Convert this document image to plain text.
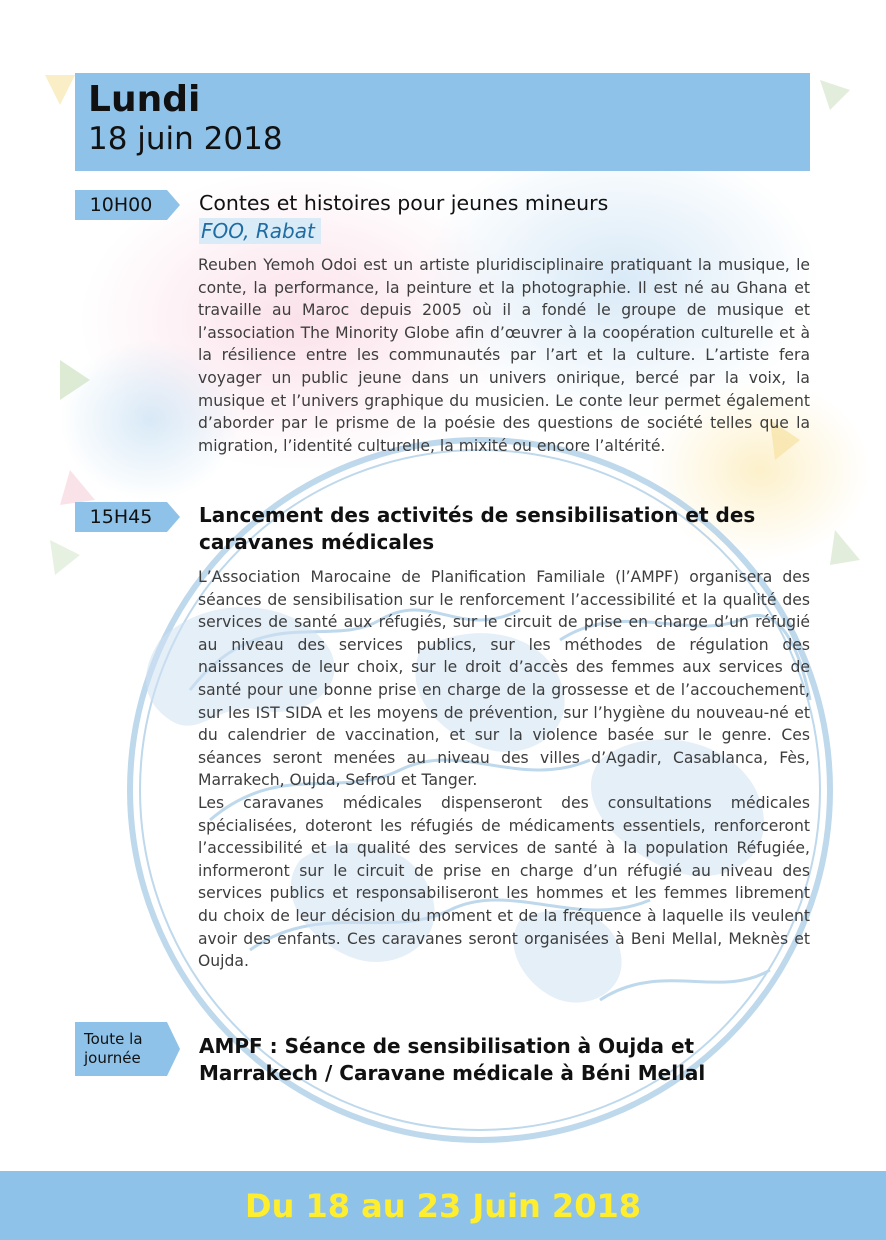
Lundi
18 juin 2018
10H00	Contes et histoires pour jeunes mineurs
FOO, Rabat

Reuben Yemoh Odoi est un artiste pluridisciplinaire pratiquant la musique, le conte, la performance, la peinture et la photographie. Il est né au Ghana et travaille au Maroc depuis 2005 où il a fondé le groupe de musique et l’association The Minority Globe afin d’œuvrer à la coopération culturelle et à la résilience entre les communautés par l’art et la culture. L’artiste fera voyager un public jeune dans un univers onirique, bercé par la voix, la musique et l’univers graphique du musicien. Le conte leur permet également d’aborder par le prisme de la poésie des questions de société telles que la migration, l’identité culturelle, la mixité ou encore l’altérité.

15H45	Lancement des activités de sensibilisation et des caravanes médicales

L’Association Marocaine de Planification Familiale (l’AMPF) organisera des séances de sensibilisation sur le renforcement l’accessibilité et la qualité des services de santé aux réfugiés, sur le circuit de prise en charge d’un réfugié au niveau des services publics, sur les méthodes de régulation des naissances de leur choix, sur le droit d’accès des femmes aux services de santé pour une bonne prise en charge de la grossesse et de l’accouchement, sur les IST SIDA et les moyens de prévention, sur l’hygiène du nouveau-né et du calendrier de vaccination, et sur la violence basée sur le genre. Ces séances seront menées au niveau des villes d’Agadir, Casablanca, Fès, Marrakech, Oujda, Sefrou et Tanger.

Les caravanes médicales dispenseront des consultations médicales spécialisées, doteront les réfugiés de médicaments essentiels, renforceront l’accessibilité et la qualité des services de santé à la population Réfugiée, informeront sur le circuit de prise en charge d’un réfugié au niveau des services publics et responsabiliseront les hommes et les femmes librement du choix de leur décision du moment et de la fréquence à laquelle ils veulent avoir des enfants. Ces caravanes seront organisées à Beni Mellal, Meknès et Oujda.

Toute la
journée	AMPF : Séance de sensibilisation à Oujda et Marrakech / Caravane médicale à Béni Mellal
Du 18 au 23 Juin 2018
